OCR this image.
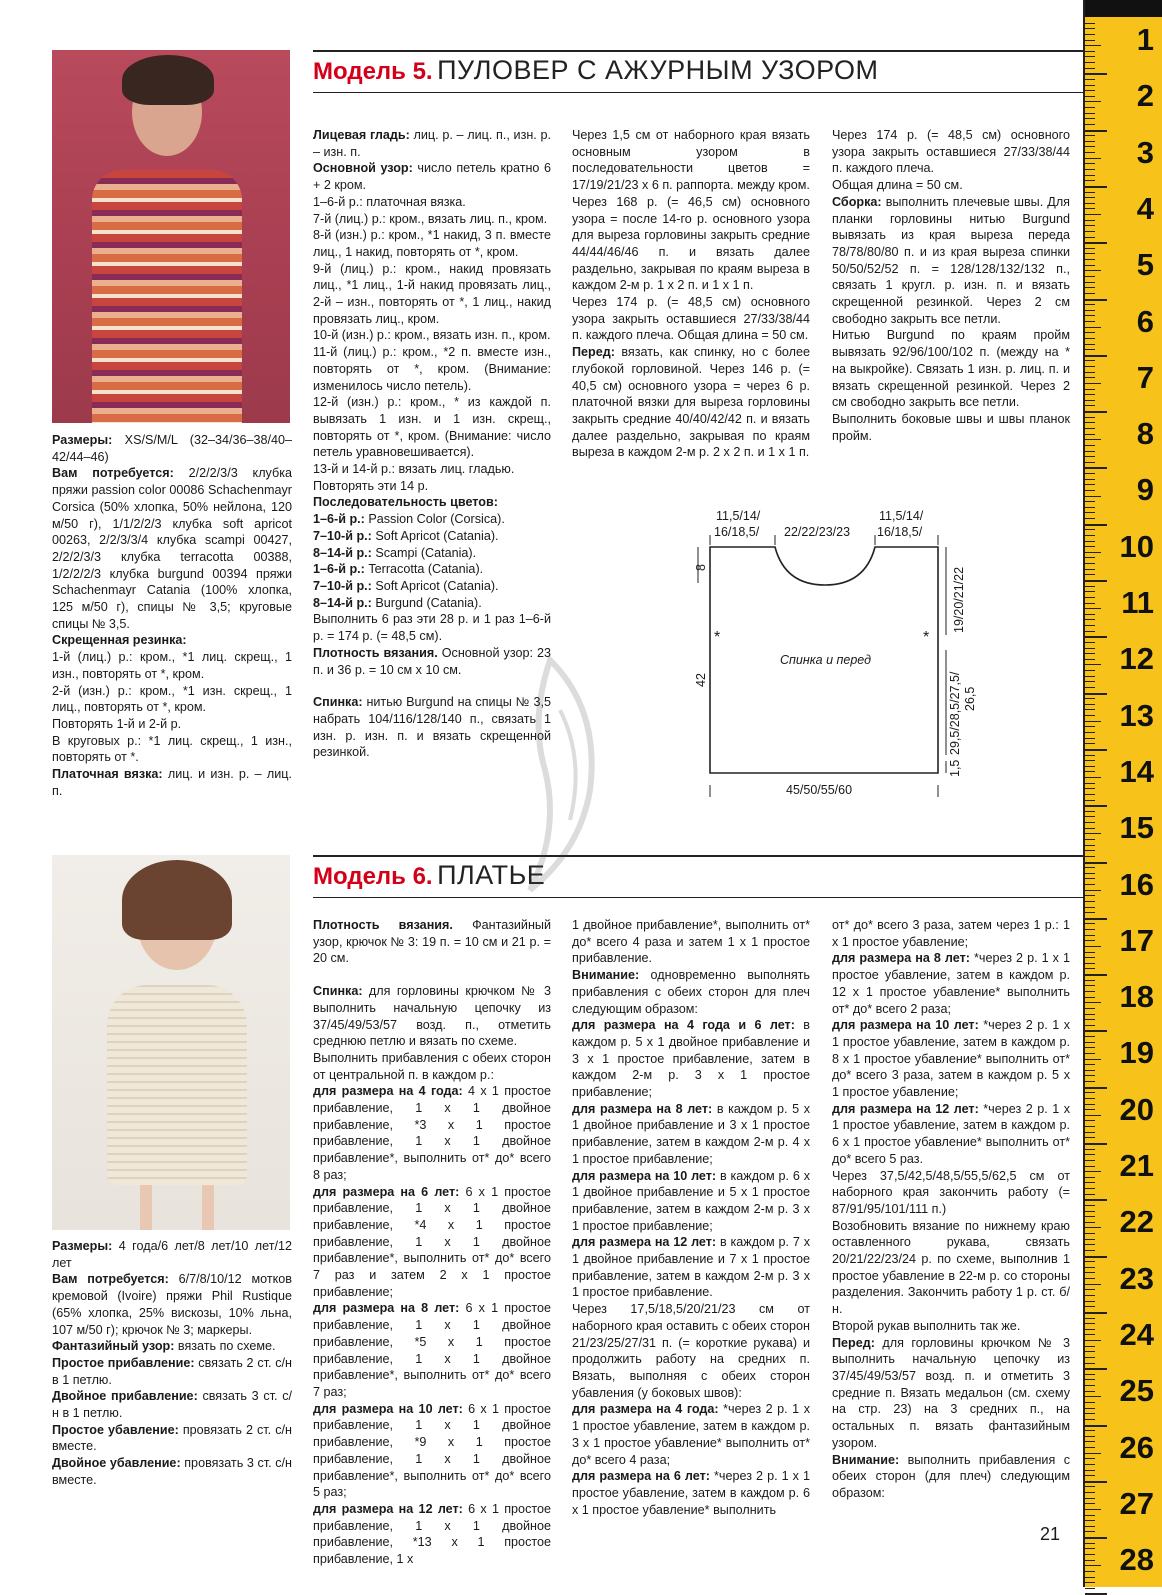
Модель 5. ПУЛОВЕР С АЖУРНЫМ УЗОРОМ
Модель 6. ПЛАТЬЕ

Размеры: XS/S/M/L (32–34/36–38/40–42/44–46)

Вам потребуется: 2/2/2/3/3 клубка пряжи passion color 00086 Schachenmayr Corsica (50% хлопка, 50% нейлона, 120 м/50 г), 1/1/2/2/3 клубка soft apricot 00263, 2/2/3/3/4 клубка scampi 00427, 2/2/2/3/3 клубка terracotta 00388, 1/2/2/2/3 клубка burgund 00394 пряжи Schachenmayr Catania (100% хлопка, 125 м/50 г), спицы № 3,5; круговые спицы № 3,5.

Скрещенная резинка:

1-й (лиц.) р.: кром., *1 лиц. скрещ., 1 изн., повторять от *, кром.

2-й (изн.) р.: кром., *1 изн. скрещ., 1 лиц., повторять от *, кром.

Повторять 1-й и 2-й р.

В круговых р.: *1 лиц. скрещ., 1 изн., повторять от *.

Платочная вязка: лиц. и изн. р. – лиц. п.

Лицевая гладь: лиц. р. – лиц. п., изн. р. – изн. п.

Основной узор: число петель кратно 6 + 2 кром.

1–6-й р.: платочная вязка.

7-й (лиц.) р.: кром., вязать лиц. п., кром.

8-й (изн.) р.: кром., *1 накид, 3 п. вместе лиц., 1 накид, повторять от *, кром.

9-й (лиц.) р.: кром., накид провязать лиц., *1 лиц., 1-й накид провязать лиц., 2-й – изн., повторять от *, 1 лиц., накид провязать лиц., кром.

10-й (изн.) р.: кром., вязать изн. п., кром.

11-й (лиц.) р.: кром., *2 п. вместе изн., повторять от *, кром. (Внимание: изменилось число петель).

12-й (изн.) р.: кром., * из каждой п. вывязать 1 изн. и 1 изн. скрещ., повторять от *, кром. (Внимание: число петель уравновешивается).

13-й и 14-й р.: вязать лиц. гладью.

Повторять эти 14 р.

Последовательность цветов:

1–6-й р.: Passion Color (Corsica).

7–10-й р.: Soft Apricot (Catania).

8–14-й р.: Scampi (Catania).

1–6-й р.: Terracotta (Catania).

7–10-й р.: Soft Apricot (Catania).

8–14-й р.: Burgund (Catania).

Выполнить 6 раз эти 28 р. и 1 раз 1–6-й р. = 174 р. (= 48,5 см).

Плотность вязания. Основной узор: 23 п. и 36 р. = 10 см x 10 см.

Спинка: нитью Burgund на спицы № 3,5 набрать 104/116/128/140 п., связать 1 изн. р. изн. п. и вязать скрещенной резинкой.

Через 1,5 см от наборного края вязать основным узором в последовательности цветов = 17/19/21/23 x 6 п. раппорта. между кром.

Через 168 р. (= 46,5 см) основного узора = после 14-го р. основного узора для выреза горловины закрыть средние 44/44/46/46 п. и вязать далее раздельно, закрывая по краям выреза в каждом 2-м р. 1 x 2 п. и 1 x 1 п.

Через 174 р. (= 48,5 см) основного узора закрыть оставшиеся 27/33/38/44 п. каждого плеча. Общая длина = 50 см.

Перед: вязать, как спинку, но с более глубокой горловиной. Через 146 р. (= 40,5 см) основного узора = через 6 р. платочной вязки для выреза горловины закрыть средние 40/40/42/42 п. и вязать далее раздельно, закрывая по краям выреза в каждом 2-м р. 2 x 2 п. и 1 x 1 п.

Через 174 р. (= 48,5 см) основного узора закрыть оставшиеся 27/33/38/44 п. каждого плеча.

Общая длина = 50 см.

Сборка: выполнить плечевые швы. Для планки горловины нитью Burgund вывязать из края выреза переда 78/78/80/80 п. и из края выреза спинки 50/50/52/52 п. = 128/128/132/132 п., связать 1 кругл. р. изн. п. и вязать скрещенной резинкой. Через 2 см свободно закрыть все петли.

Нитью Burgund по краям пройм вывязать 92/96/100/102 п. (между на * на выкройке). Связать 1 изн. р. лиц. п. и вязать скрещенной резинкой. Через 2 см свободно закрыть все петли.

Выполнить боковые швы и швы планок пройм.

Размеры: 4 года/6 лет/8 лет/10 лет/12 лет

Вам потребуется: 6/7/8/10/12 мотков кремовой (Ivoire) пряжи Phil Rustique (65% хлопка, 25% вискозы, 10% льна, 107 м/50 г); крючок № 3; маркеры.

Фантазийный узор: вязать по схеме.

Простое прибавление: связать 2 ст. с/н в 1 петлю.

Двойное прибавление: связать 3 ст. с/н в 1 петлю.

Простое убавление: провязать 2 ст. с/н вместе.

Двойное убавление: провязать 3 ст. с/н вместе.

Плотность вязания. Фантазийный узор, крючок № 3: 19 п. = 10 см и 21 р. = 20 см.

Спинка: для горловины крючком № 3 выполнить начальную цепочку из 37/45/49/53/57 возд. п., отметить среднюю петлю и вязать по схеме.

Выполнить прибавления с обеих сторон от центральной п. в каждом р.:

для размера на 4 года: 4 x 1 простое прибавление, 1 x 1 двойное прибавление, *3 x 1 простое прибавление, 1 x 1 двойное прибавление*, выполнить от* до* всего 8 раз;

для размера на 6 лет: 6 x 1 простое прибавление, 1 x 1 двойное прибавление, *4 x 1 простое прибавление, 1 x 1 двойное прибавление*, выполнить от* до* всего 7 раз и затем 2 x 1 простое прибавление;

для размера на 8 лет: 6 x 1 простое прибавление, 1 x 1 двойное прибавление, *5 x 1 простое прибавление, 1 x 1 двойное прибавление*, выполнить от* до* всего 7 раз;

для размера на 10 лет: 6 x 1 простое прибавление, 1 x 1 двойное прибавление, *9 x 1 простое прибавление, 1 x 1 двойное прибавление*, выполнить от* до* всего 5 раз;

для размера на 12 лет: 6 x 1 простое прибавление, 1 x 1 двойное прибавление, *13 x 1 простое прибавление, 1 x

1 двойное прибавление*, выполнить от* до* всего 4 раза и затем 1 x 1 простое прибавление.

Внимание: одновременно выполнять прибавления с обеих сторон для плеч следующим образом:

для размера на 4 года и 6 лет: в каждом р. 5 x 1 двойное прибавление и 3 x 1 простое прибавление, затем в каждом 2-м р. 3 x 1 простое прибавление;

для размера на 8 лет: в каждом р. 5 x 1 двойное прибавление и 3 x 1 простое прибавление, затем в каждом 2-м р. 4 x 1 простое прибавление;

для размера на 10 лет: в каждом р. 6 x 1 двойное прибавление и 5 x 1 простое прибавление, затем в каждом 2-м р. 3 x 1 простое прибавление;

для размера на 12 лет: в каждом р. 7 x 1 двойное прибавление и 7 x 1 простое прибавление, затем в каждом 2-м р. 3 x 1 простое прибавление.

Через 17,5/18,5/20/21/23 см от наборного края оставить с обеих сторон 21/23/25/27/31 п. (= короткие рукава) и продолжить работу на средних п. Вязать, выполняя с обеих сторон убавления (у боковых швов):

для размера на 4 года: *через 2 р. 1 x 1 простое убавление, затем в каждом р. 3 x 1 простое убавление* выполнить от* до* всего 4 раза;

для размера на 6 лет: *через 2 р. 1 x 1 простое убавление, затем в каждом р. 6 x 1 простое убавление* выполнить

от* до* всего 3 раза, затем через 1 р.: 1 x 1 простое убавление;

для размера на 8 лет: *через 2 р. 1 x 1 простое убавление, затем в каждом р. 12 x 1 простое убавление* выполнить от* до* всего 2 раза;

для размера на 10 лет: *через 2 р. 1 x 1 простое убавление, затем в каждом р. 8 x 1 простое убавление* выполнить от* до* всего 3 раза, затем в каждом р. 5 x 1 простое убавление;

для размера на 12 лет: *через 2 р. 1 x 1 простое убавление, затем в каждом р. 6 x 1 простое убавление* выполнить от* до* всего 5 раз.

Через 37,5/42,5/48,5/55,5/62,5 см от наборного края закончить работу (= 87/91/95/101/111 п.)

Возобновить вязание по нижнему краю оставленного рукава, связать 20/21/22/23/24 р. по схеме, выполнив 1 простое убавление в 22-м р. со стороны разделения. Закончить работу 1 р. ст. б/н.

Второй рукав выполнить так же.

Перед: для горловины крючком № 3 выполнить начальную цепочку из 37/45/49/53/57 возд. п. и отметить 3 средние п. Вязать медальон (см. схему на стр. 23) на 3 средних п., на остальных п. вязать фантазийным узором.

Внимание: выполнить прибавления с обеих сторон (для плеч) следующим образом:

11,5/14/
16/18,5/ 22/22/23/23
11,5/14/
16/18,5/
Спинка и перед
45/50/55/60
*	*
8
42
19/20/21/22
29,5/28,5/27,5/ 26,5
1,5
1
2
3
4
5
6
7
8
9
10
11
12
13
14
15
16
17
18
19
20
21
22
23
24
25
26
27
28
21
